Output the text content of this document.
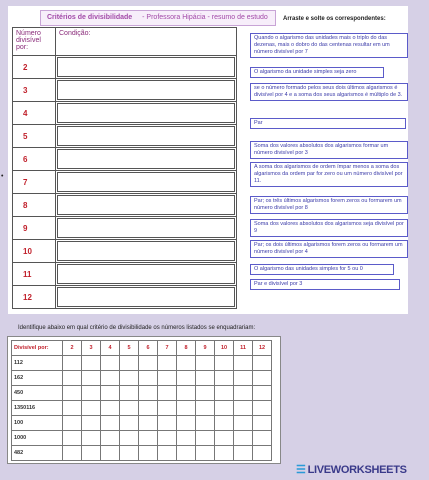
Critérios de divisibilidade - Professora Hipácia - resumo de estudo	Arraste e solte os correspondentes:
Número divisível por:	Condição:
2	

3	

4	

5	

6	

7	

8	

9	

10	

11	

12	
Quando o algarismo das unidades mais o triplo do das dezenas, mais o dobro do das centenas resultar em um número divisível por 7
O algarismo da unidade simples seja zero
se o número formado pelos seus dois últimos algarismos é divisível por 4 e a soma dos seus algarismos é múltiplo de 3.
Par
Soma dos valores absolutos dos algarismos formar um número divisível por 3
A soma dos algarismos de ordem ímpar menos a soma dos algarismos da ordem par for zero ou um número divisível por 11.
Par; os três últimos algarismos forem zeros ou formarem um número divisível por 8
Soma dos valores absolutos dos algarismos seja divisível por 9
Par; os dois últimos algarismos forem zeros ou formarem um número divisível por 4
O algarismo das unidades simples for 5 ou 0
Par e divisível por 3
•
Identifique abaixo em qual critério de divisibilidade os números listados se enquadrariam:
Divisível por:	2	3	4	5	6	7	8	9	10	11	12
112											
162											
450											
1350116											
100											
1000											
482											
☰ LIVEWORKSHEETS
